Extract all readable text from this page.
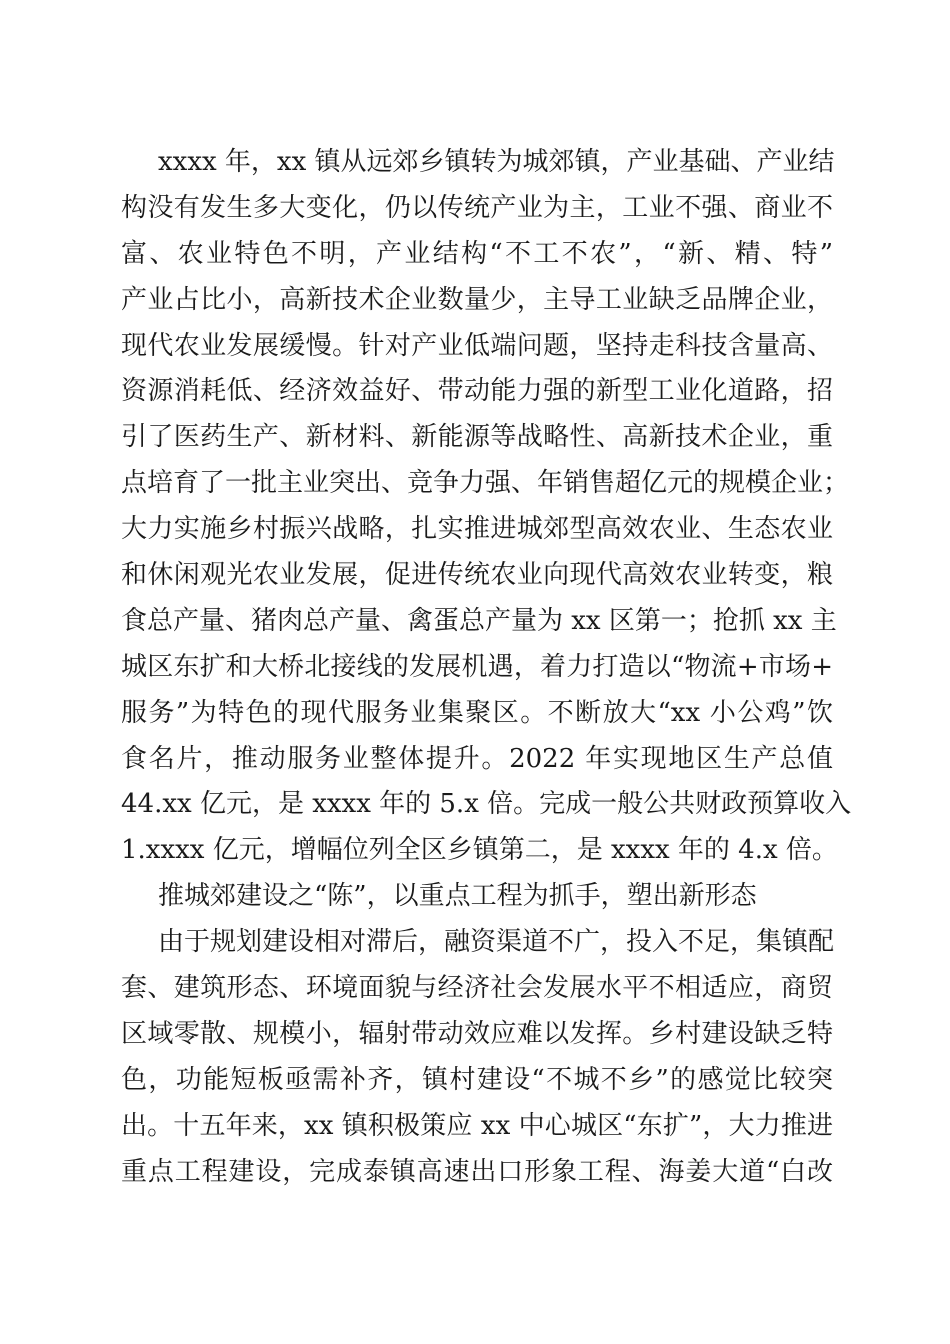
xxxx 年，xx 镇从远郊乡镇转为城郊镇，产业基础、产业结
构没有发生多大变化，仍以传统产业为主，工业不强、商业不
富、农业特色不明，产业结构“不工不农”，“新、精、特”
产业占比小，高新技术企业数量少，主导工业缺乏品牌企业，
现代农业发展缓慢。针对产业低端问题，坚持走科技含量高、
资源消耗低、经济效益好、带动能力强的新型工业化道路，招
引了医药生产、新材料、新能源等战略性、高新技术企业，重
点培育了一批主业突出、竞争力强、年销售超亿元的规模企业；
大力实施乡村振兴战略，扎实推进城郊型高效农业、生态农业
和休闲观光农业发展，促进传统农业向现代高效农业转变，粮
食总产量、猪肉总产量、禽蛋总产量为 xx 区第一；抢抓 xx 主
城区东扩和大桥北接线的发展机遇，着力打造以“物流+市场+
服务”为特色的现代服务业集聚区。不断放大“xx 小公鸡”饮
食名片，推动服务业整体提升。2022 年实现地区生产总值
44.xx 亿元，是 xxxx 年的 5.x 倍。完成一般公共财政预算收入
1.xxxx 亿元，增幅位列全区乡镇第二，是 xxxx 年的 4.x 倍。
推城郊建设之“陈”，以重点工程为抓手，塑出新形态
由于规划建设相对滞后，融资渠道不广，投入不足，集镇配
套、建筑形态、环境面貌与经济社会发展水平不相适应，商贸
区域零散、规模小，辐射带动效应难以发挥。乡村建设缺乏特
色，功能短板亟需补齐，镇村建设“不城不乡”的感觉比较突
出。十五年来，xx 镇积极策应 xx 中心城区“东扩”，大力推进
重点工程建设，完成泰镇高速出口形象工程、海姜大道“白改
